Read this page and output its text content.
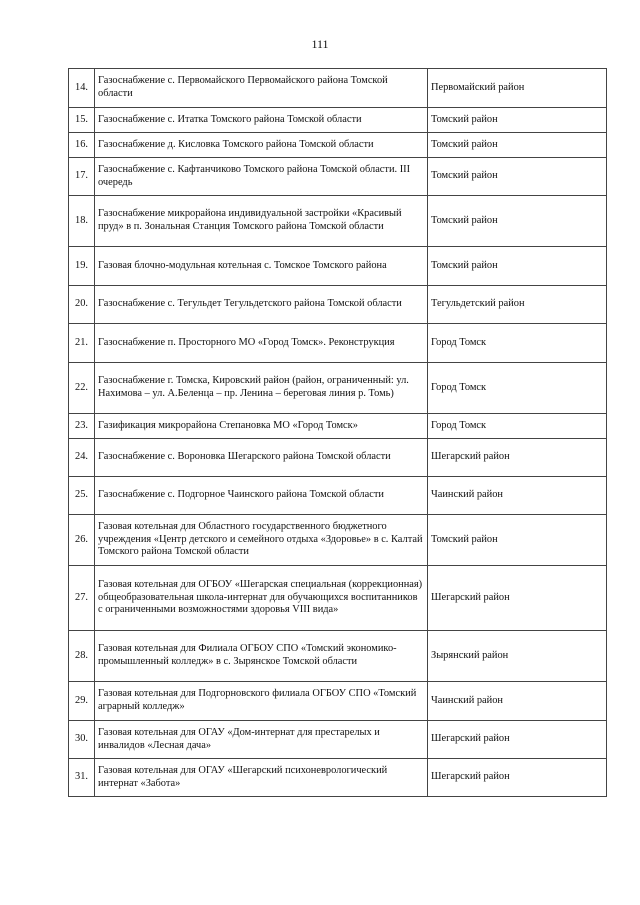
111
14.	Газоснабжение с. Первомайского Первомайского района Томской области	Первомайский район
15.	Газоснабжение с. Итатка Томского района Томской области	Томский район
16.	Газоснабжение д. Кисловка Томского района Томской области	Томский район
17.	Газоснабжение с. Кафтанчиково Томского района Томской области. III очередь	Томский район
18.	Газоснабжение микрорайона индивидуальной застройки «Красивый пруд» в п. Зональная Станция Томского района Томской области	Томский район
19.	Газовая блочно-модульная котельная с. Томское Томского района	Томский район
20.	Газоснабжение с. Тегульдет Тегульдетского района Томской области	Тегульдетский район
21.	Газоснабжение п. Просторного МО «Город Томск». Реконструкция	Город Томск
22.	Газоснабжение г. Томска, Кировский район (район, ограниченный: ул. Нахимова – ул. А.Беленца – пр. Ленина – береговая линия р. Томь)	Город Томск
23.	Газификация микрорайона Степановка МО «Город Томск»	Город Томск
24.	Газоснабжение с. Вороновка Шегарского района Томской области	Шегарский район
25.	Газоснабжение с. Подгорное Чаинского района Томской области	Чаинский район
26.	Газовая котельная для Областного государственного бюджетного учреждения «Центр детского и семейного отдыха «Здоровье» в с. Калтай Томского района Томской области	Томский район
27.	Газовая котельная для ОГБОУ «Шегарская специальная (коррекционная) общеобразовательная школа-интернат для обучающихся воспитанников с ограниченными возможностями здоровья VIII вида»	Шегарский район
28.	Газовая котельная для Филиала ОГБОУ СПО «Томский экономико-промышленный колледж» в с. Зырянское Томской области	Зырянский район
29.	Газовая котельная для Подгорновского филиала ОГБОУ СПО «Томский аграрный колледж»	Чаинский район
30.	Газовая котельная для ОГАУ «Дом-интернат для престарелых и инвалидов «Лесная дача»	Шегарский район
31.	Газовая котельная для ОГАУ «Шегарский психоневрологический интернат «Забота»	Шегарский район
